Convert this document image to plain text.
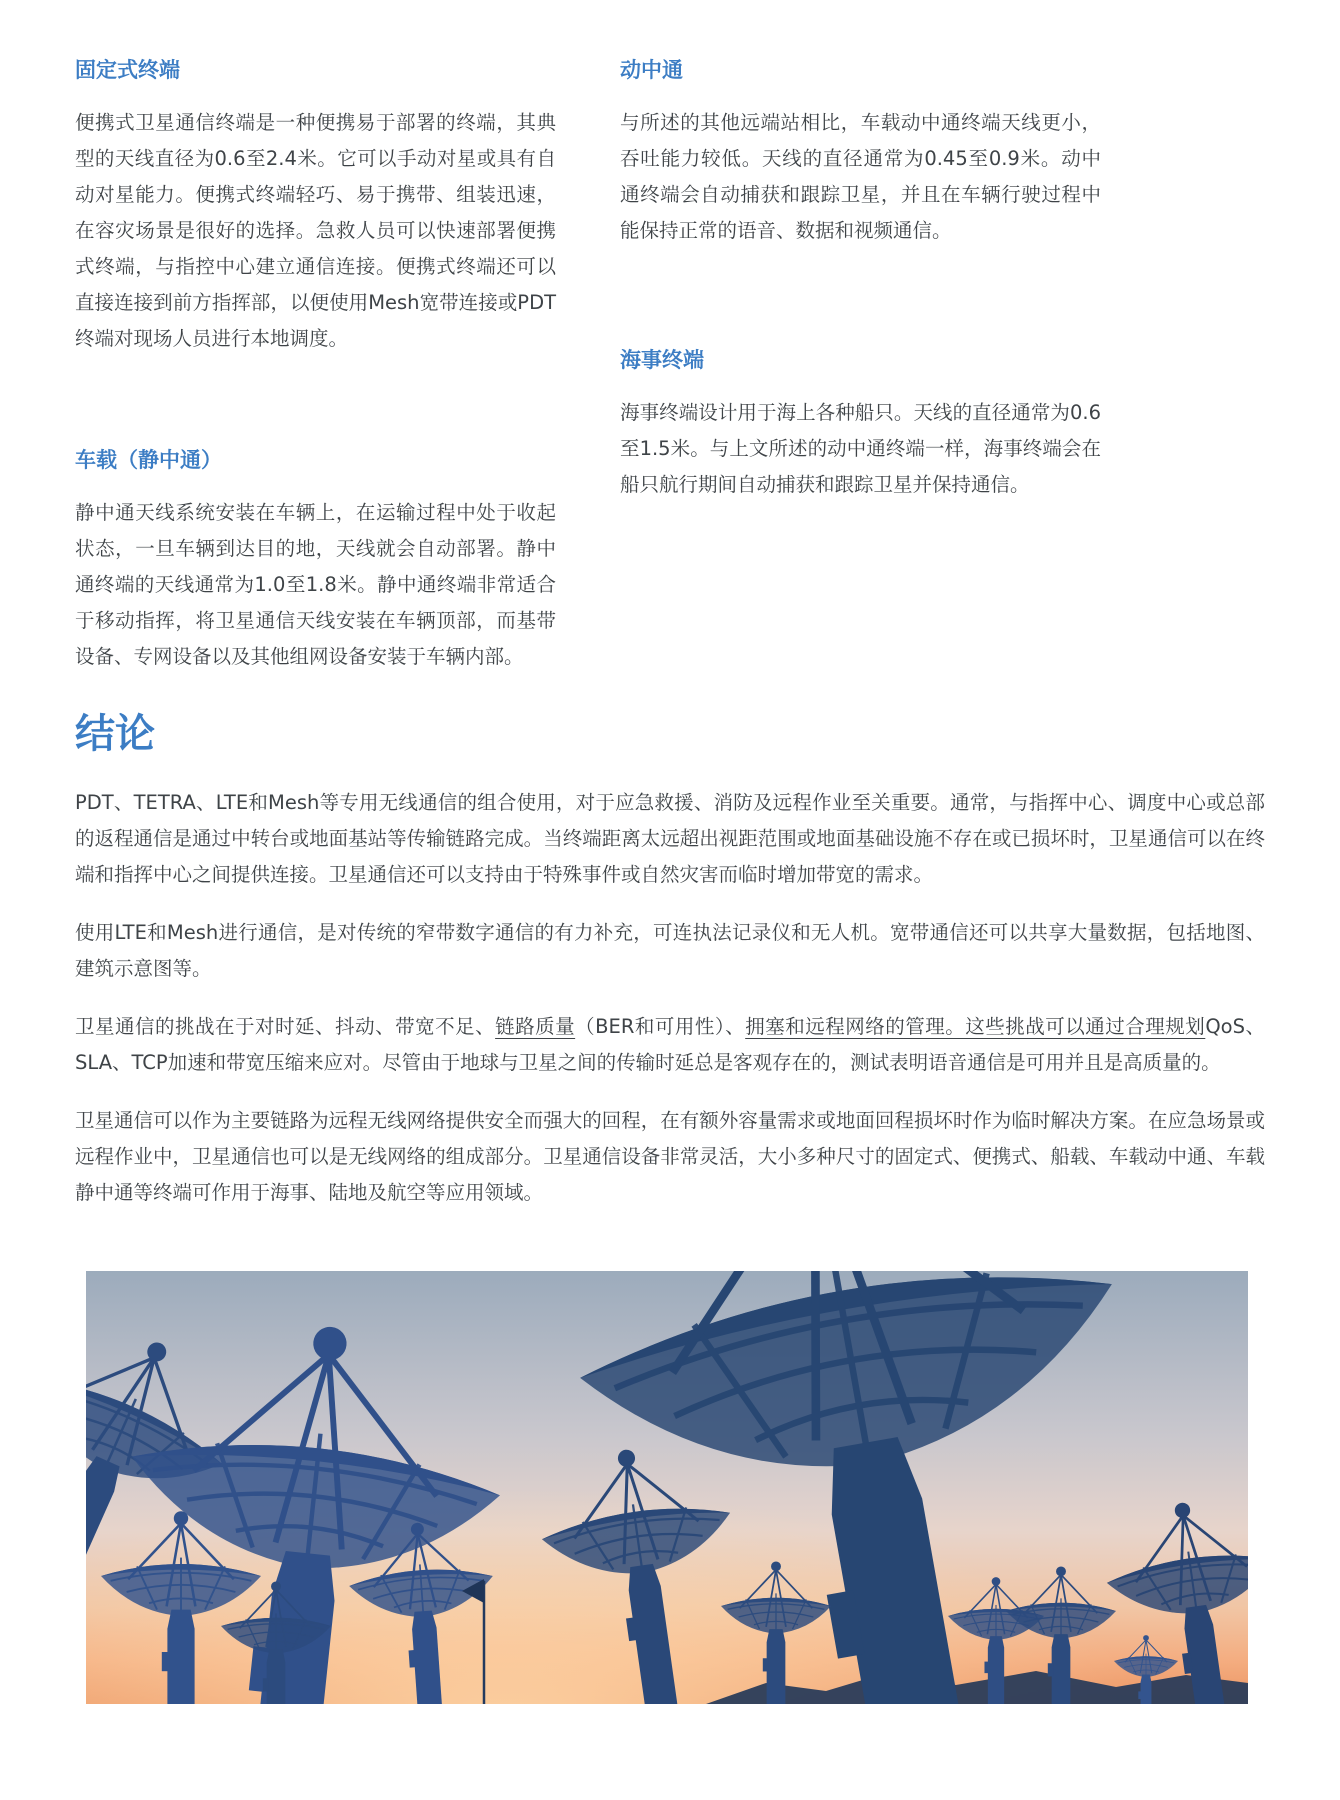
固定式终端

便携式卫星通信终端是一种便携易于部署的终端，其典型的天线直径为0.6至2.4米。它可以手动对星或具有自动对星能力。便携式终端轻巧、易于携带、组装迅速，在容灾场景是很好的选择。急救人员可以快速部署便携式终端，与指控中心建立通信连接。便携式终端还可以直接连接到前方指挥部，以便使用Mesh宽带连接或PDT终端对现场人员进行本地调度。

车载（静中通）

静中通天线系统安装在车辆上，在运输过程中处于收起状态，一旦车辆到达目的地，天线就会自动部署。静中通终端的天线通常为1.0至1.8米。静中通终端非常适合于移动指挥，将卫星通信天线安装在车辆顶部，而基带设备、专网设备以及其他组网设备安装于车辆内部。

动中通

与所述的其他远端站相比，车载动中通终端天线更小，吞吐能力较低。天线的直径通常为0.45至0.9米。动中通终端会自动捕获和跟踪卫星，并且在车辆行驶过程中能保持正常的语音、数据和视频通信。

海事终端

海事终端设计用于海上各种船只。天线的直径通常为0.6至1.5米。与上文所述的动中通终端一样，海事终端会在船只航行期间自动捕获和跟踪卫星并保持通信。

结论

PDT、TETRA、LTE和Mesh等专用无线通信的组合使用，对于应急救援、消防及远程作业至关重要。通常，与指挥中心、调度中心或总部的返程通信是通过中转台或地面基站等传输链路完成。当终端距离太远超出视距范围或地面基础设施不存在或已损坏时，卫星通信可以在终端和指挥中心之间提供连接。卫星通信还可以支持由于特殊事件或自然灾害而临时增加带宽的需求。

使用LTE和Mesh进行通信，是对传统的窄带数字通信的有力补充，可连执法记录仪和无人机。宽带通信还可以共享大量数据，包括地图、建筑示意图等。

卫星通信的挑战在于对时延、抖动、带宽不足、链路质量（BER和可用性）、拥塞和远程网络的管理。这些挑战可以通过合理规划QoS、SLA、TCP加速和带宽压缩来应对。尽管由于地球与卫星之间的传输时延总是客观存在的，测试表明语音通信是可用并且是高质量的。

卫星通信可以作为主要链路为远程无线网络提供安全而强大的回程，在有额外容量需求或地面回程损坏时作为临时解决方案。在应急场景或远程作业中，卫星通信也可以是无线网络的组成部分。卫星通信设备非常灵活，大小多种尺寸的固定式、便携式、船载、车载动中通、车载静中通等终端可作用于海事、陆地及航空等应用领域。
